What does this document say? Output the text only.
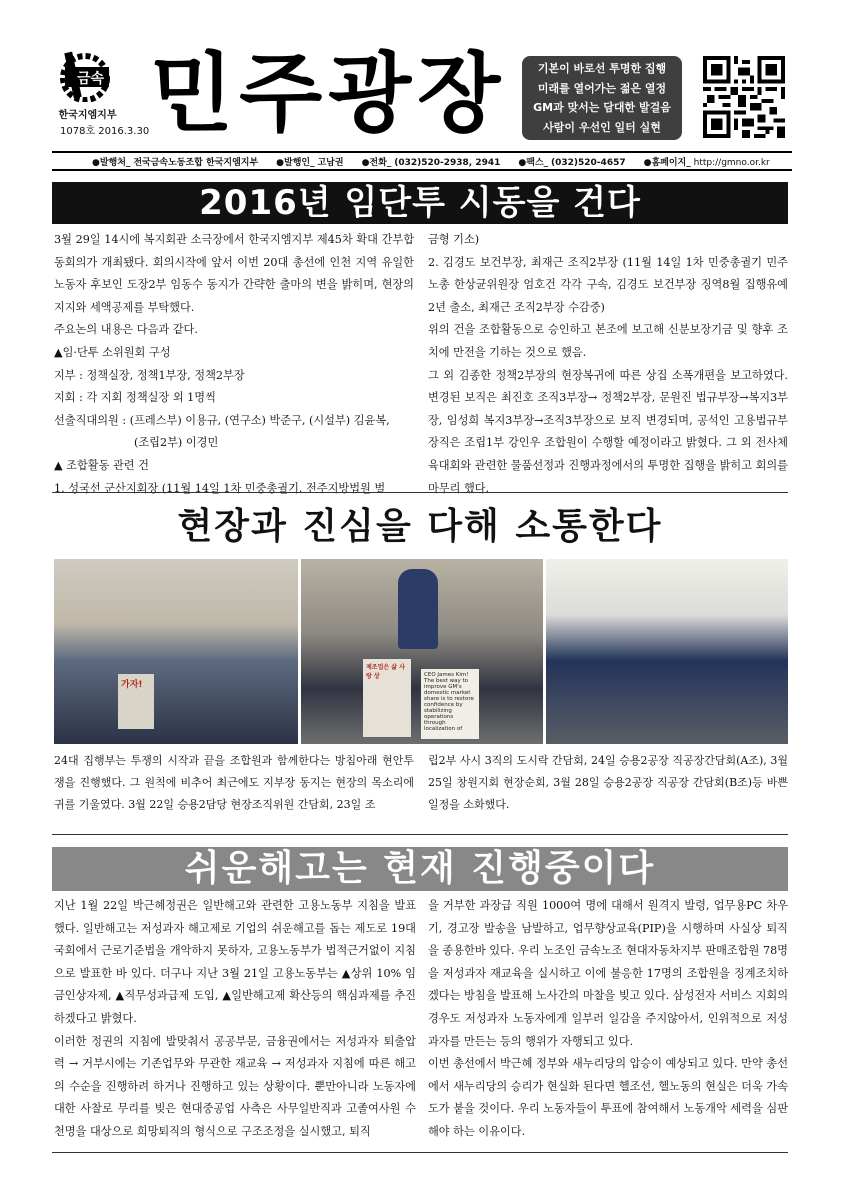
금속
한국지엠지부
1078호 2016.3.30 민주광장	기본이 바로선 투명한 집행
미래를 열어가는 젊은 열정
GM과 맞서는 담대한 발걸음
사람이 우선인 일터 실현
●발행처_ 전국금속노동조합 한국지엠지부 ●발행인_ 고남권 ●전화_ (032)520-2938, 2941 ●팩스_ (032)520-4657 ●홈페이지_ http://gmno.or.kr
2016년 임단투 시동을 건다

3월 29일 14시에 복지회관 소극장에서 한국지엠지부 제45차 확대 간부합동회의가 개최됐다. 회의시작에 앞서 이번 20대 총선에 인천 지역 유일한 노동자 후보인 도장2부 임동수 동지가 간략한 출마의 변을 밝히며, 현장의 지지와 세액공제를 부탁했다.

주요논의 내용은 다음과 같다.

▲임·단투 소위원회 구성

지부 : 정책실장, 정책1부장, 정책2부장

지회 : 각 지회 정책실장 외 1명씩

선출직대의원 : (프레스부) 이용규, (연구소) 박준구, (시설부) 김윤복,

(조립2부) 이경민

▲ 조합활동 관련 건

1. 성국선 군산지회장 (11월 14일 1차 민중총궐기, 전주지방법원 벌

금형 기소)

2. 김경도 보건부장, 최재근 조직2부장 (11월 14일 1차 민중총궐기 민주노총 한상균위원장 엄호건 각각 구속, 김경도 보건부장 징역8월 집행유예 2년 출소, 최재근 조직2부장 수감중)

위의 건을 조합활동으로 승인하고 본조에 보고해 신분보장기금 및 향후 조치에 만전을 기하는 것으로 했음.

그 외 김종한 정책2부장의 현장복귀에 따른 상집 소폭개편을 보고하였다. 변경된 보직은 최진호 조직3부장→ 정책2부장, 문원진 법규부장→복지3부장, 임성희 복지3부장→조직3부장으로 보직 변경되며, 공석인 고용법규부장직은 조립1부 강인우 조합원이 수행할 예정이라고 밝혔다. 그 외 전사체육대회와 관련한 물품선정과 진행과정에서의 투명한 집행을 밝히고 회의를 마무리 했다.

현장과 진심을 다해 소통한다
가자!
제조업은 삶 사랑 상	CEO James Kim! The best way to improve GM's domestic market share is to restore confidence by stabilizing operations through localization of
24대 집행부는 투쟁의 시작과 끝을 조합원과 함께한다는 방침아래 현안투쟁을 진행했다. 그 원칙에 비추어 최근에도 지부장 동지는 현장의 목소리에 귀를 기울였다. 3월 22일 승용2담당 현장조직위원 간담회, 23일 조
립2부 사시 3직의 도시락 간담회, 24일 승용2공장 직공장간담회(A조), 3월 25일 창원지회 현장순회, 3월 28일 승용2공장 직공장 간담회(B조)등 바쁜 일정을 소화했다.
쉬운해고는 현재 진행중이다

지난 1월 22일 박근혜정권은 일반해고와 관련한 고용노동부 지침을 발표했다. 일반해고는 저성과자 해고제로 기업의 쉬운해고를 돕는 제도로 19대 국회에서 근로기준법을 개악하지 못하자, 고용노동부가 법적근거없이 지침으로 발표한 바 있다. 더구나 지난 3월 21일 고용노동부는 ▲상위 10% 임금인상자제, ▲직무성과급제 도입, ▲일반해고제 확산등의 핵심과제를 추진하겠다고 밝혔다.

이러한 정권의 지침에 발맞춰서 공공부문, 금융권에서는 저성과자 퇴출압력 → 거부시에는 기존업무와 무관한 재교육 → 저성과자 지침에 따른 해고의 수순을 진행하려 하거나 진행하고 있는 상황이다. 뿐만아니라 노동자에 대한 사찰로 무리를 빚은 현대중공업 사측은 사무일반직과 고졸여사원 수천명을 대상으로 희망퇴직의 형식으로 구조조정을 실시했고, 퇴직

을 거부한 과장급 직원 1000여 명에 대해서 원격지 발령, 업무용PC 차우기, 경고장 발송을 남발하고, 업무향상교육(PIP)을 시행하며 사실상 퇴직을 종용한바 있다. 우리 노조인 금속노조 현대자동차지부 판매조합원 78명을 저성과자 재교육을 실시하고 이에 불응한 17명의 조합원을 징계조치하겠다는 방침을 발표해 노사간의 마찰을 빚고 있다. 삼성전자 서비스 지회의 경우도 저성과자 노동자에게 일부러 일감을 주지않아서, 인위적으로 저성과자를 만든는 등의 행위가 자행되고 있다.

이번 총선에서 박근혜 정부와 새누리당의 압승이 예상되고 있다. 만약 총선에서 새누리당의 승리가 현실화 된다면 헬조선, 헬노동의 현실은 더욱 가속도가 붙을 것이다. 우리 노동자들이 투표에 참여해서 노동개악 세력을 심판해야 하는 이유이다.
